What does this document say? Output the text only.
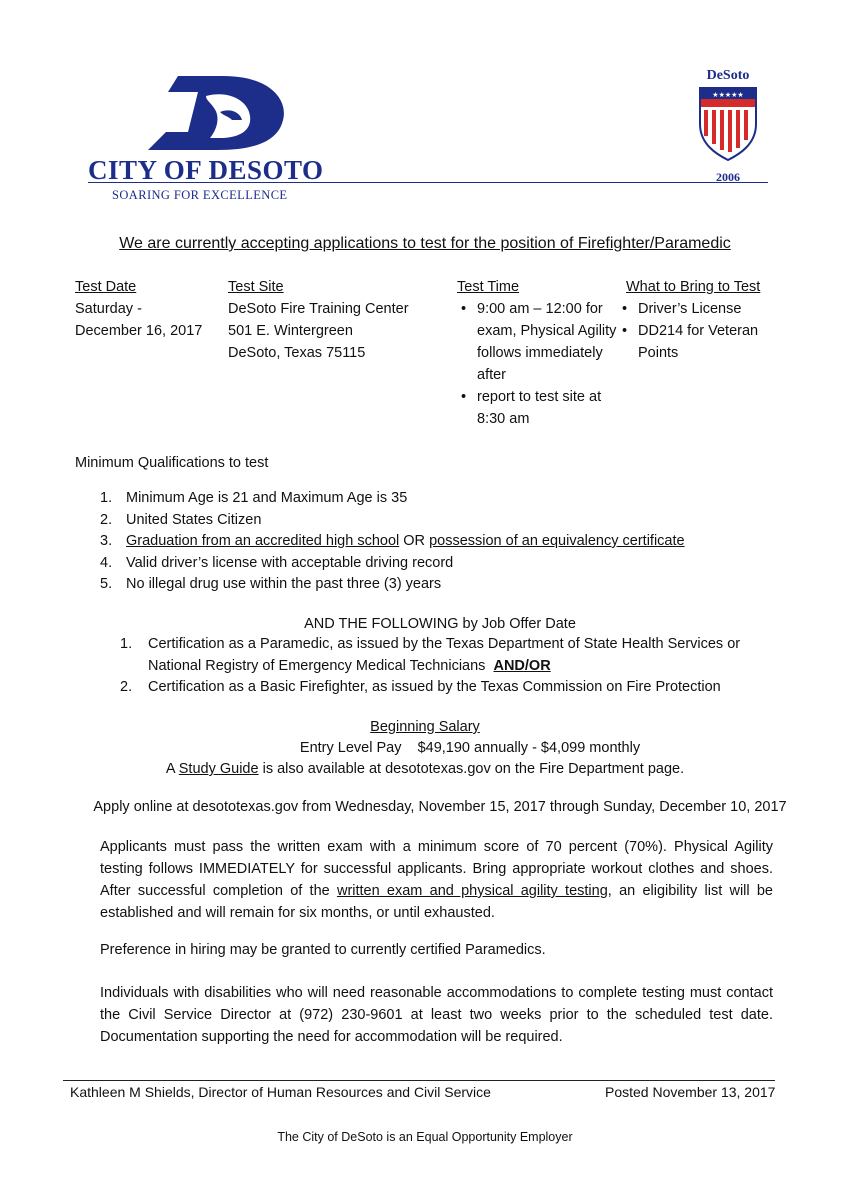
CITY OF DESOTO
SOARING FOR EXCELLENCE
DeSoto
★★★★★
2006
We are currently accepting applications to test for the position of Firefighter/Paramedic
Test Date
Saturday -
December 16, 2017
Test Site
DeSoto Fire Training Center
501 E. Wintergreen
DeSoto, Texas 75115
Test Time
• 9:00 am – 12:00 for exam, Physical Agility follows immediately after
• report to test site at 8:30 am
What to Bring to Test
• Driver’s License
• DD214 for Veteran Points
Minimum Qualifications to test
1. Minimum Age is 21 and Maximum Age is 35
2. United States Citizen
3. Graduation from an accredited high school OR possession of an equivalency certificate
4. Valid driver’s license with acceptable driving record
5. No illegal drug use within the past three (3) years
AND THE FOLLOWING by Job Offer Date
1. Certification as a Paramedic, as issued by the Texas Department of State Health Services or National Registry of Emergency Medical Technicians AND/OR
2. Certification as a Basic Firefighter, as issued by the Texas Commission on Fire Protection
Beginning Salary
Entry Level Pay    $49,190 annually - $4,099 monthly
A Study Guide is also available at desototexas.gov on the Fire Department page.
Apply online at desototexas.gov from Wednesday, November 15, 2017 through Sunday, December 10, 2017
Applicants must pass the written exam with a minimum score of 70 percent (70%). Physical Agility testing follows IMMEDIATELY for successful applicants. Bring appropriate workout clothes and shoes. After successful completion of the written exam and physical agility testing, an eligibility list will be established and will remain for six months, or until exhausted.
Preference in hiring may be granted to currently certified Paramedics.
Individuals with disabilities who will need reasonable accommodations to complete testing must contact the Civil Service Director at (972) 230-9601 at least two weeks prior to the scheduled test date. Documentation supporting the need for accommodation will be required.
Kathleen M Shields, Director of Human Resources and Civil Service	Posted November 13, 2017
The City of DeSoto is an Equal Opportunity Employer
